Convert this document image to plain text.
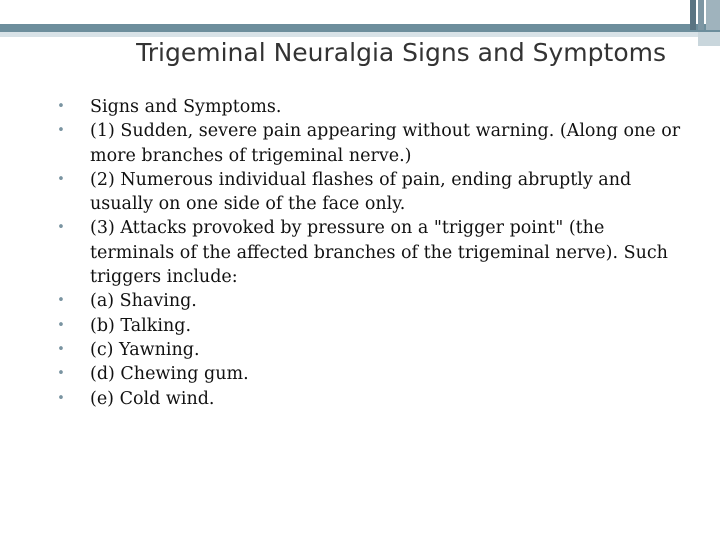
Trigeminal Neuralgia Signs and Symptoms
• Signs and Symptoms.
• (1) Sudden, severe pain appearing without warning. (Along one or more branches of trigeminal nerve.)
• (2) Numerous individual flashes of pain, ending abruptly and usually on one side of the face only.
• (3) Attacks provoked by pressure on a "trigger point" (the terminals of the affected branches of the trigeminal nerve). Such triggers include:
• (a) Shaving.
• (b) Talking.
• (c) Yawning.
• (d) Chewing gum.
• (e) Cold wind.
